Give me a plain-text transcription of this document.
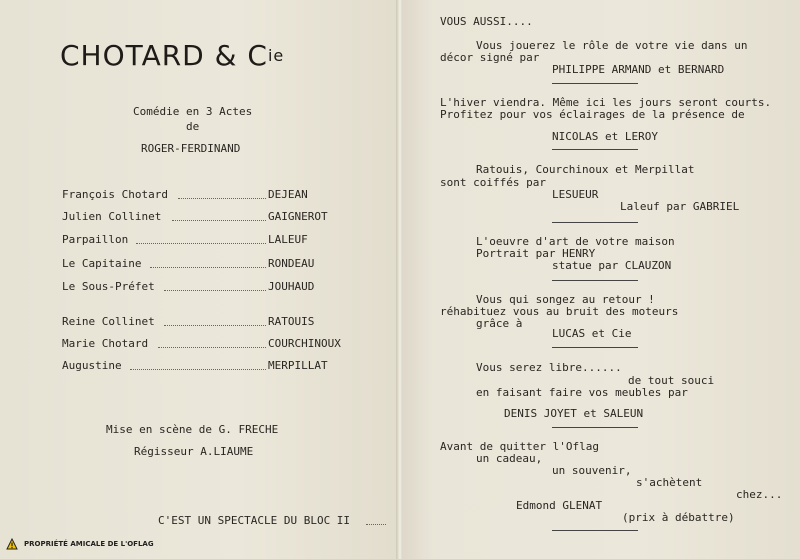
CHOTARD & $C^{ie}$
Comédie en 3 Actes
de
ROGER-FERDINAND
François Chotard	DEJEAN
Julien Collinet	GAIGNEROT
Parpaillon	LALEUF
Le Capitaine	RONDEAU
Le Sous-Préfet	JOUHAUD
Reine Collinet	RATOUIS
Marie Chotard	COURCHINOUX
Augustine	MERPILLAT
Mise en scène de G. FRECHE
Régisseur A.LIAUME
C'EST UN SPECTACLE DU BLOC II
VOUS AUSSI....
Vous jouerez le rôle de votre vie dans un
décor signé par
PHILIPPE ARMAND et BERNARD
L'hiver viendra. Même ici les jours seront courts.
Profitez pour vos éclairages de la présence de
NICOLAS et LEROY
Ratouis, Courchinoux et Merpillat
sont coiffés par
LESUEUR
Laleuf par GABRIEL
L'oeuvre d'art de votre maison
Portrait par HENRY
statue par CLAUZON
Vous qui songez au retour !
réhabituez vous au bruit des moteurs
grâce à
LUCAS et Cie
Vous serez libre......
de tout souci
en faisant faire vos meubles par
DENIS JOYET et SALEUN
Avant de quitter l'Oflag
un cadeau,
un souvenir,
s'achètent
chez...
Edmond GLENAT
(prix à débattre)
PROPRIÉTÉ AMICALE DE L'OFLAG
